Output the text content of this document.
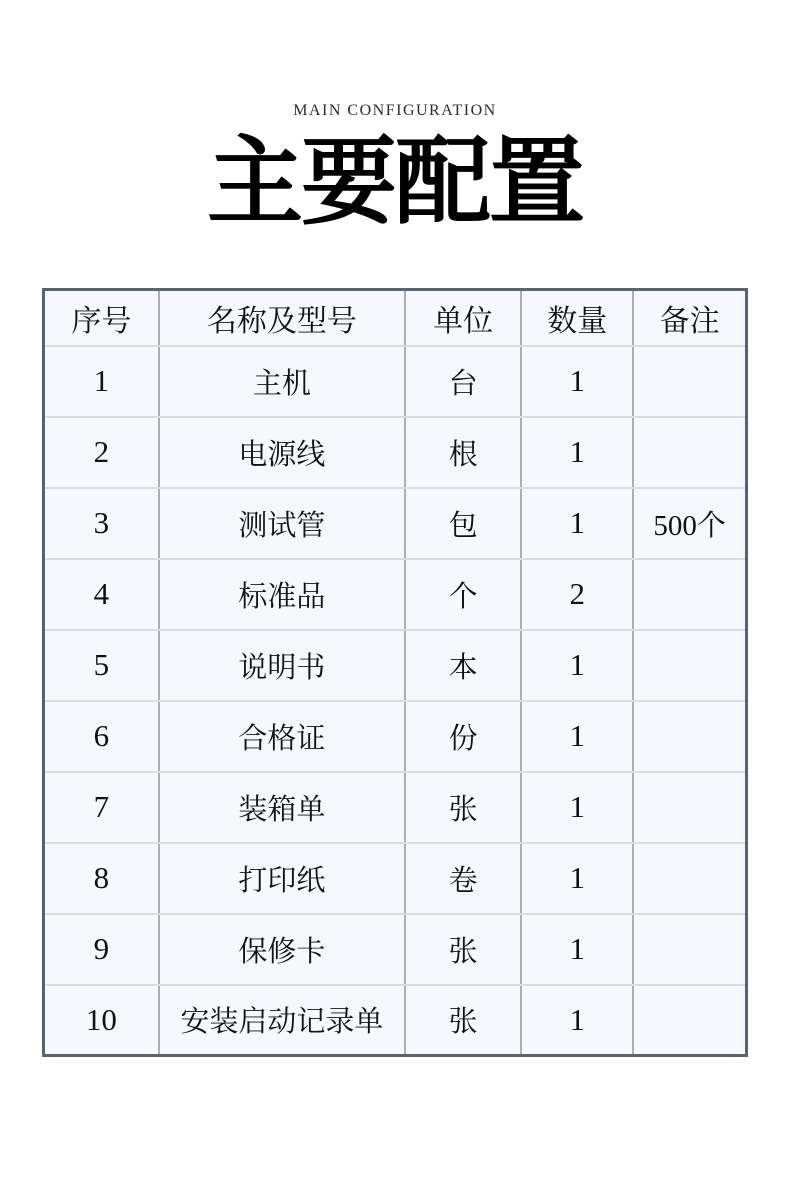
MAIN CONFIGURATION
主要配置
序号	名称及型号	单位	数量	备注
1	主机	台	1	
2	电源线	根	1	
3	测试管	包	1	500个
4	标准品	个	2	
5	说明书	本	1	
6	合格证	份	1	
7	装箱单	张	1	
8	打印纸	卷	1	
9	保修卡	张	1	
10	安装启动记录单	张	1	
